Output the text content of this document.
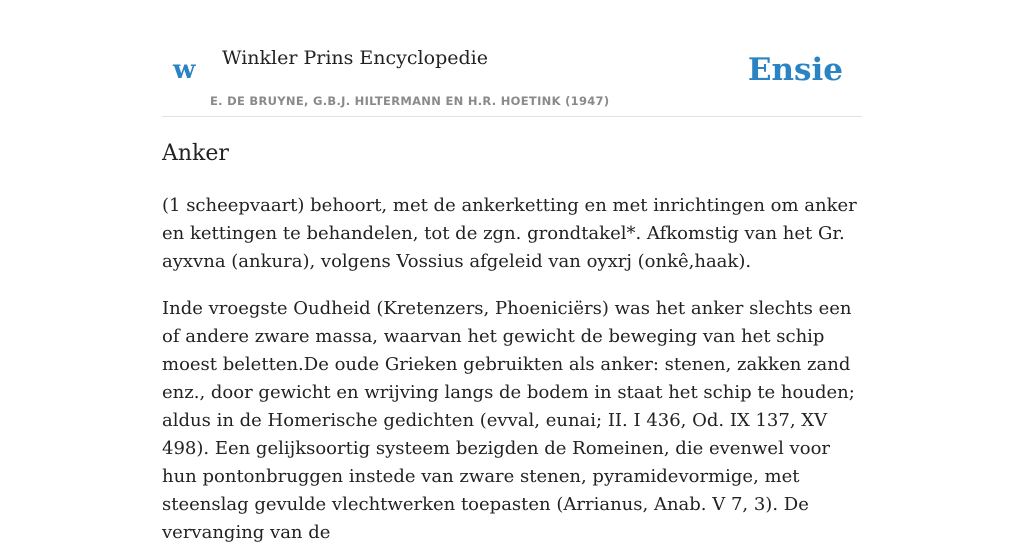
w Winkler Prins Encyclopedie
E. DE BRUYNE, G.B.J. HILTERMANN EN H.R. HOETINK (1947)
Ensie
Anker

(1 scheepvaart) behoort, met de ankerketting en met inrichtingen om anker en kettingen te behandelen, tot de zgn. grondtakel*. Afkomstig van het Gr. ayxvna (ankura), volgens Vossius afgeleid van oyxrj (onkê,haak).

Inde vroegste Oudheid (Kretenzers, Phoeniciërs) was het anker slechts een of andere zware massa, waarvan het gewicht de beweging van het schip moest beletten.De oude Grieken gebruikten als anker: stenen, zakken zand enz., door gewicht en wrijving langs de bodem in staat het schip te houden; aldus in de Homerische gedichten (evval, eunai; II. I 436, Od. IX 137, XV 498). Een gelijksoortig systeem bezigden de Romeinen, die evenwel voor hun pontonbruggen instede van zware stenen, pyramidevormige, met steenslag gevulde vlechtwerken toepasten (Arrianus, Anab. V 7, 3). De vervanging van de
